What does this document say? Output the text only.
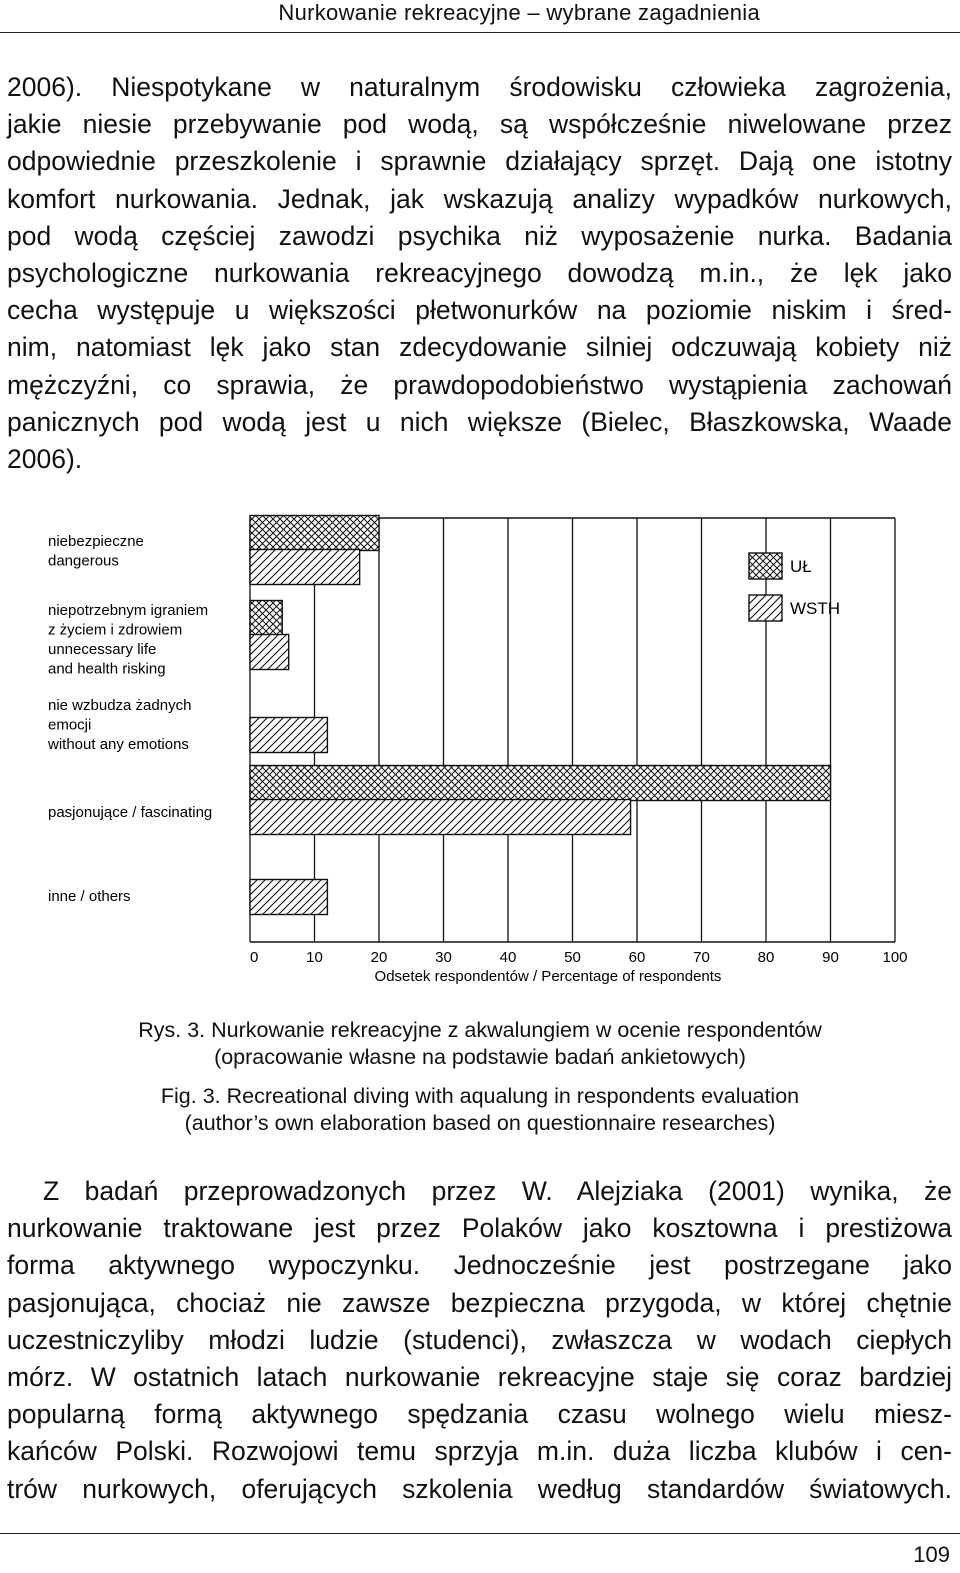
Nurkowanie rekreacyjne – wybrane zagadnienia
2006). Niespotykane w naturalnym środowisku człowieka zagrożenia,
jakie niesie przebywanie pod wodą, są współcześnie niwelowane przez
odpowiednie przeszkolenie i sprawnie działający sprzęt. Dają one istotny
komfort nurkowania. Jednak, jak wskazują analizy wypadków nurkowych,
pod wodą częściej zawodzi psychika niż wyposażenie nurka. Badania
psychologiczne nurkowania rekreacyjnego dowodzą m.in., że lęk jako
cecha występuje u większości płetwonurków na poziomie niskim i śred-
nim, natomiast lęk jako stan zdecydowanie silniej odczuwają kobiety niż
mężczyźni, co sprawia, że prawdopodobieństwo wystąpienia zachowań
panicznych pod wodą jest u nich większe (Bielec, Błaszkowska, Waade
2006).
niebezpieczne
dangerous
niepotrzebnym igraniem
z życiem i zdrowiem
unnecessary life
and health risking
nie wzbudza żadnych
emocji
without any emotions
pasjonujące / fascinating
inne / others
0	10	20	30	40	50	60	70	80	90	100
Odsetek respondentów / Percentage of respondents
UŁ
WSTH
Rys. 3. Nurkowanie rekreacyjne z akwalungiem w ocenie respondentów
(opracowanie własne na podstawie badań ankietowych)
Fig. 3. Recreational diving with aqualung in respondents evaluation
(author’s own elaboration based on questionnaire researches)
Z badań przeprowadzonych przez W. Alejziaka (2001) wynika, że
nurkowanie traktowane jest przez Polaków jako kosztowna i prestiżowa
forma aktywnego wypoczynku. Jednocześnie jest postrzegane jako
pasjonująca, chociaż nie zawsze bezpieczna przygoda, w której chętnie
uczestniczyliby młodzi ludzie (studenci), zwłaszcza w wodach ciepłych
mórz. W ostatnich latach nurkowanie rekreacyjne staje się coraz bardziej
popularną formą aktywnego spędzania czasu wolnego wielu miesz-
kańców Polski. Rozwojowi temu sprzyja m.in. duża liczba klubów i cen-
trów nurkowych, oferujących szkolenia według standardów światowych.
109
